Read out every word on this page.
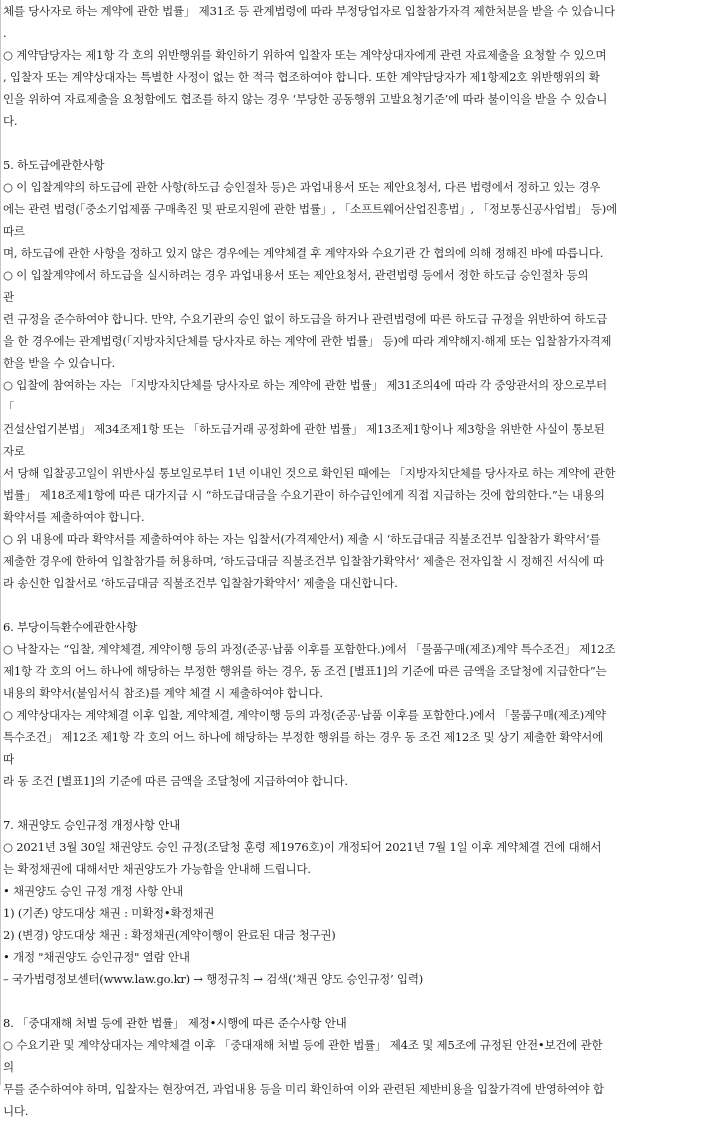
체를 당사자로 하는 계약에 관한 법률」 제31조 등 관계법령에 따라 부정당업자로 입찰참가자격 제한처분을 받을 수 있습니다
.
○ 계약담당자는 제1항 각 호의 위반행위를 확인하기 위하여 입찰자 또는 계약상대자에게 관련 자료제출을 요청할 수 있으며
, 입찰자 또는 계약상대자는 특별한 사정이 없는 한 적극 협조하여야 합니다. 또한 계약담당자가 제1항제2호 위반행위의 확
인을 위하여 자료제출을 요청함에도 협조를 하지 않는 경우 ‘부당한 공동행위 고발요청기준’에 따라 불이익을 받을 수 있습니
다.
5. 하도급에관한사항
○ 이 입찰계약의 하도급에 관한 사항(하도급 승인절차 등)은 과업내용서 또는 제안요청서, 다른 법령에서 정하고 있는 경우
에는 관련 법령(「중소기업제품 구매촉진 및 판로지원에 관한 법률」, 「소프트웨어산업진흥법」, 「정보통신공사업법」 등)에
따르
며, 하도급에 관한 사항을 정하고 있지 않은 경우에는 계약체결 후 계약자와 수요기관 간 협의에 의해 정해진 바에 따릅니다.
○ 이 입찰계약에서 하도급을 실시하려는 경우 과업내용서 또는 제안요청서, 관련법령 등에서 정한 하도급 승인절차 등의
관
련 규정을 준수하여야 합니다. 만약, 수요기관의 승인 없이 하도급을 하거나 관련법령에 따른 하도급 규정을 위반하여 하도급
을 한 경우에는 관계법령(「지방자치단체를 당사자로 하는 계약에 관한 법률」 등)에 따라 계약해지·해제 또는 입찰참가자격제
한을 받을 수 있습니다.
○ 입찰에 참여하는 자는 「지방자치단체를 당사자로 하는 계약에 관한 법률」 제31조의4에 따라 각 중앙관서의 장으로부터
「
건설산업기본법」 제34조제1항 또는 「하도급거래 공정화에 관한 법률」 제13조제1항이나 제3항을 위반한 사실이 통보된
자로
서 당해 입찰공고일이 위반사실 통보일로부터 1년 이내인 것으로 확인된 때에는 「지방자치단체를 당사자로 하는 계약에 관한
법률」 제18조제1항에 따른 대가지급 시 “하도급대금을 수요기관이 하수급인에게 직접 지급하는 것에 합의한다.”는 내용의
확약서를 제출하여야 합니다.
○ 위 내용에 따라 확약서를 제출하여야 하는 자는 입찰서(가격제안서) 제출 시 ‘하도급대금 직불조건부 입찰참가 확약서’를
제출한 경우에 한하여 입찰참가를 허용하며, ‘하도급대금 직불조건부 입찰참가확약서’ 제출은 전자입찰 시 정해진 서식에 따
라 송신한 입찰서로 ‘하도급대금 직불조건부 입찰참가확약서’ 제출을 대신합니다.
6. 부당이득환수에관한사항
○ 낙찰자는 “입찰, 계약체결, 계약이행 등의 과정(준공·납품 이후를 포함한다.)에서 「물품구매(제조)계약 특수조건」 제12조
제1항 각 호의 어느 하나에 해당하는 부정한 행위를 하는 경우, 동 조건 [별표1]의 기준에 따른 금액을 조달청에 지급한다”는
내용의 확약서(붙임서식 참조)를 계약 체결 시 제출하여야 합니다.
○ 계약상대자는 계약체결 이후 입찰, 계약체결, 계약이행 등의 과정(준공·납품 이후를 포함한다.)에서 「물품구매(제조)계약
특수조건」 제12조 제1항 각 호의 어느 하나에 해당하는 부정한 행위를 하는 경우 동 조건 제12조 및 상기 제출한 확약서에
따
라 동 조건 [별표1]의 기준에 따른 금액을 조달청에 지급하여야 합니다.
7. 채권양도 승인규정 개정사항 안내
○ 2021년 3월 30일 채권양도 승인 규정(조달청 훈령 제1976호)이 개정되어 2021년 7월 1일 이후 계약체결 건에 대해서
는 확정채권에 대해서만 채권양도가 가능함을 안내해 드립니다.
• 채권양도 승인 규정 개정 사항 안내
1) (기존) 양도대상 채권 : 미확정•확정채권
2) (변경) 양도대상 채권 : 확정채권(계약이행이 완료된 대금 청구권)
• 개정 "채권양도 승인규정" 열람 안내
– 국가법령정보센터(www.law.go.kr) → 행정규칙 → 검색(‘채권 양도 승인규정’ 입력)
8. 「중대재해 처벌 등에 관한 법률」 제정•시행에 따른 준수사항 안내
○ 수요기관 및 계약상대자는 계약체결 이후 「중대재해 처벌 등에 관한 법률」 제4조 및 제5조에 규정된 안전•보건에 관한
의
무를 준수하여야 하며, 입찰자는 현장여건, 과업내용 등을 미리 확인하여 이와 관련된 제반비용을 입찰가격에 반영하여야 합
니다.
